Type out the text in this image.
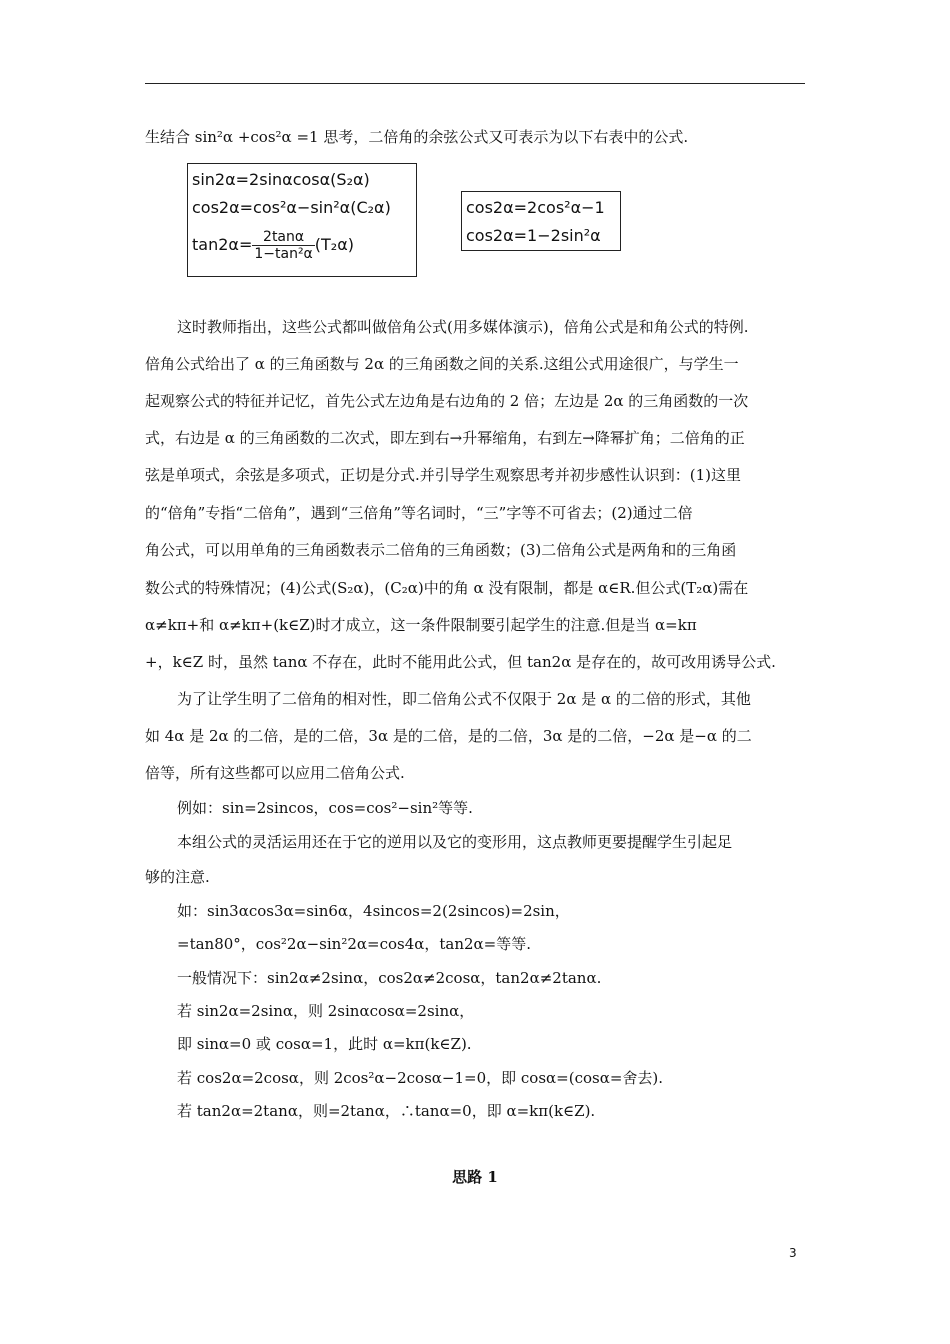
生结合 sin²α +cos²α =1 思考，二倍角的余弦公式又可表示为以下右表中的公式.
sin2α=2sinαcosα(S₂α)
cos2α=cos²α−sin²α(C₂α)
$\tan 2\alpha= \frac{2\tan\alpha}{\text{1−tan²α}} (T_2\alpha)$
cos2α=2cos²α−1
cos2α=1−2sin²α
这时教师指出，这些公式都叫做倍角公式(用多媒体演示)，倍角公式是和角公式的特例.
倍角公式给出了 α 的三角函数与 2α 的三角函数之间的关系.这组公式用途很广，与学生一
起观察公式的特征并记忆，首先公式左边角是右边角的 2 倍；左边是 2α 的三角函数的一次
式，右边是 α 的三角函数的二次式，即左到右→升幂缩角，右到左→降幂扩角；二倍角的正
弦是单项式，余弦是多项式，正切是分式.并引导学生观察思考并初步感性认识到：(1)这里
的“倍角”专指“二倍角”，遇到“三倍角”等名词时，“三”字等不可省去；(2)通过二倍
角公式，可以用单角的三角函数表示二倍角的三角函数；(3)二倍角公式是两角和的三角函
数公式的特殊情况；(4)公式(S₂α)，(C₂α)中的角 α 没有限制，都是 α∈R.但公式(T₂α)需在
α≠kπ+和 α≠kπ+(k∈Z)时才成立，这一条件限制要引起学生的注意.但是当 α=kπ
+，k∈Z 时，虽然 tanα 不存在，此时不能用此公式，但 tan2α 是存在的，故可改用诱导公式.
为了让学生明了二倍角的相对性，即二倍角公式不仅限于 2α 是 α 的二倍的形式，其他
如 4α 是 2α 的二倍，是的二倍，3α 是的二倍，是的二倍，3α 是的二倍，−2α 是−α 的二
倍等，所有这些都可以应用二倍角公式.
例如：sin=2sincos，cos=cos²−sin²等等.
本组公式的灵活运用还在于它的逆用以及它的变形用，这点教师更要提醒学生引起足
够的注意.
如：sin3αcos3α=sin6α，4sincos=2(2sincos)=2sin，
=tan80°，cos²2α−sin²2α=cos4α，tan2α=等等.
一般情况下：sin2α≠2sinα，cos2α≠2cosα，tan2α≠2tanα.
若 sin2α=2sinα，则 2sinαcosα=2sinα，
即 sinα=0 或 cosα=1，此时 α=kπ(k∈Z).
若 cos2α=2cosα，则 2cos²α−2cosα−1=0，即 cosα=(cosα=舍去).
若 tan2α=2tanα，则=2tanα，∴tanα=0，即 α=kπ(k∈Z).
思路 1
3
